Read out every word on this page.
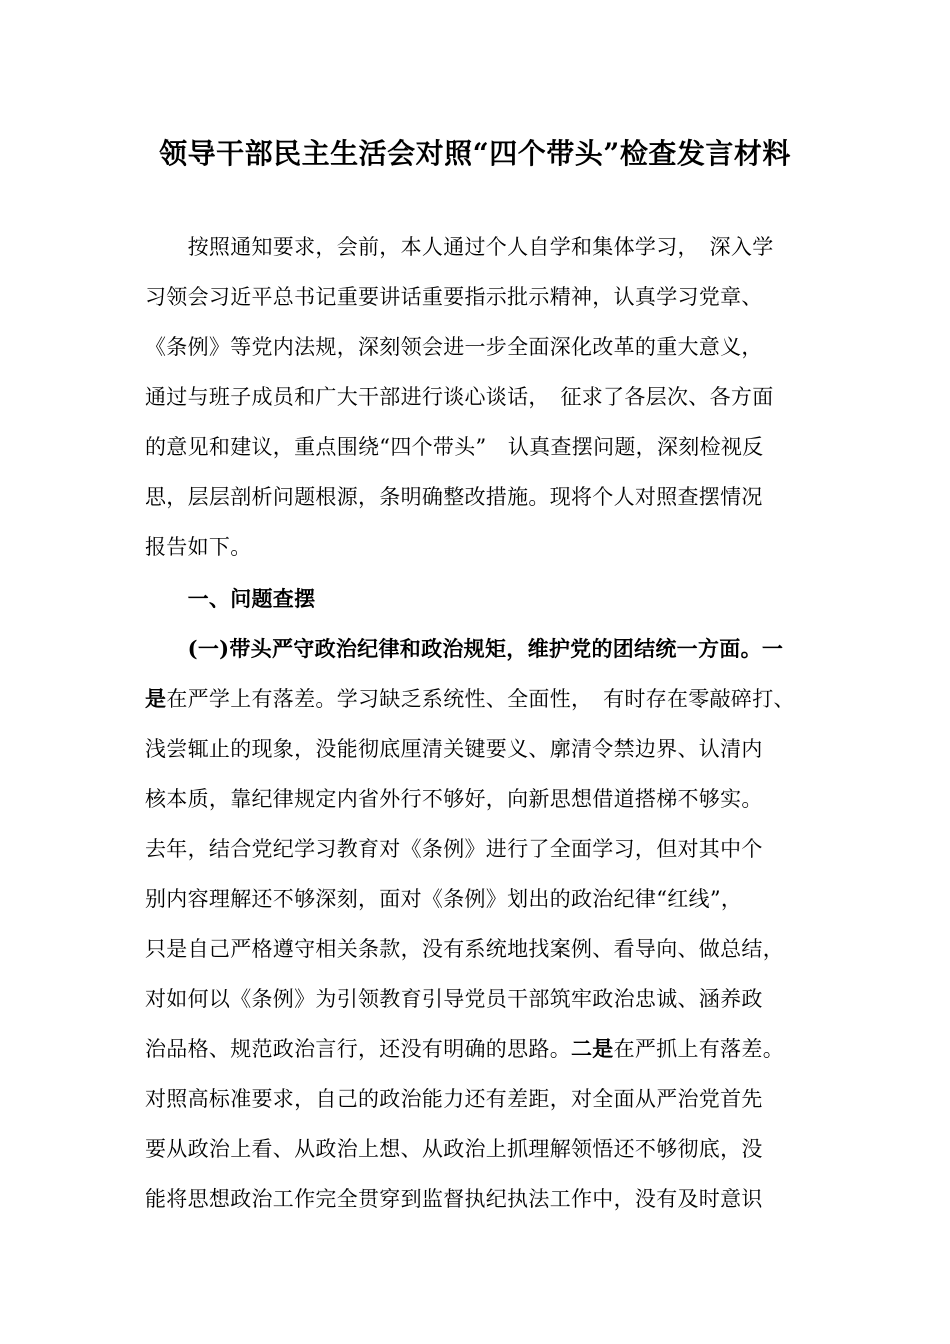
领导干部民主生活会对照“四个带头”检查发言材料
　　按照通知要求，会前，本人通过个人自学和集体学习，　深入学
习领会习近平总书记重要讲话重要指示批示精神，认真学习党章、
《条例》等党内法规，深刻领会进一步全面深化改革的重大意义，
通过与班子成员和广大干部进行谈心谈话，　征求了各层次、各方面
的意见和建议，重点围绕“四个带头”　认真查摆问题，深刻检视反
思，层层剖析问题根源，条明确整改措施。现将个人对照查摆情况
报告如下。
　　一、问题查摆
　　(一)带头严守政治纪律和政治规矩，维护党的团结统一方面。一
是在严学上有落差。学习缺乏系统性、全面性，　有时存在零敲碎打、
浅尝辄止的现象，没能彻底厘清关键要义、廓清令禁边界、认清内
核本质，靠纪律规定内省外行不够好，向新思想借道搭梯不够实。
去年，结合党纪学习教育对《条例》进行了全面学习，但对其中个
别内容理解还不够深刻，面对《条例》划出的政治纪律“红线”，
只是自己严格遵守相关条款，没有系统地找案例、看导向、做总结，
对如何以《条例》为引领教育引导党员干部筑牢政治忠诚、涵养政
治品格、规范政治言行，还没有明确的思路。二是在严抓上有落差。
对照高标准要求，自己的政治能力还有差距，对全面从严治党首先
要从政治上看、从政治上想、从政治上抓理解领悟还不够彻底，没
能将思想政治工作完全贯穿到监督执纪执法工作中，没有及时意识
